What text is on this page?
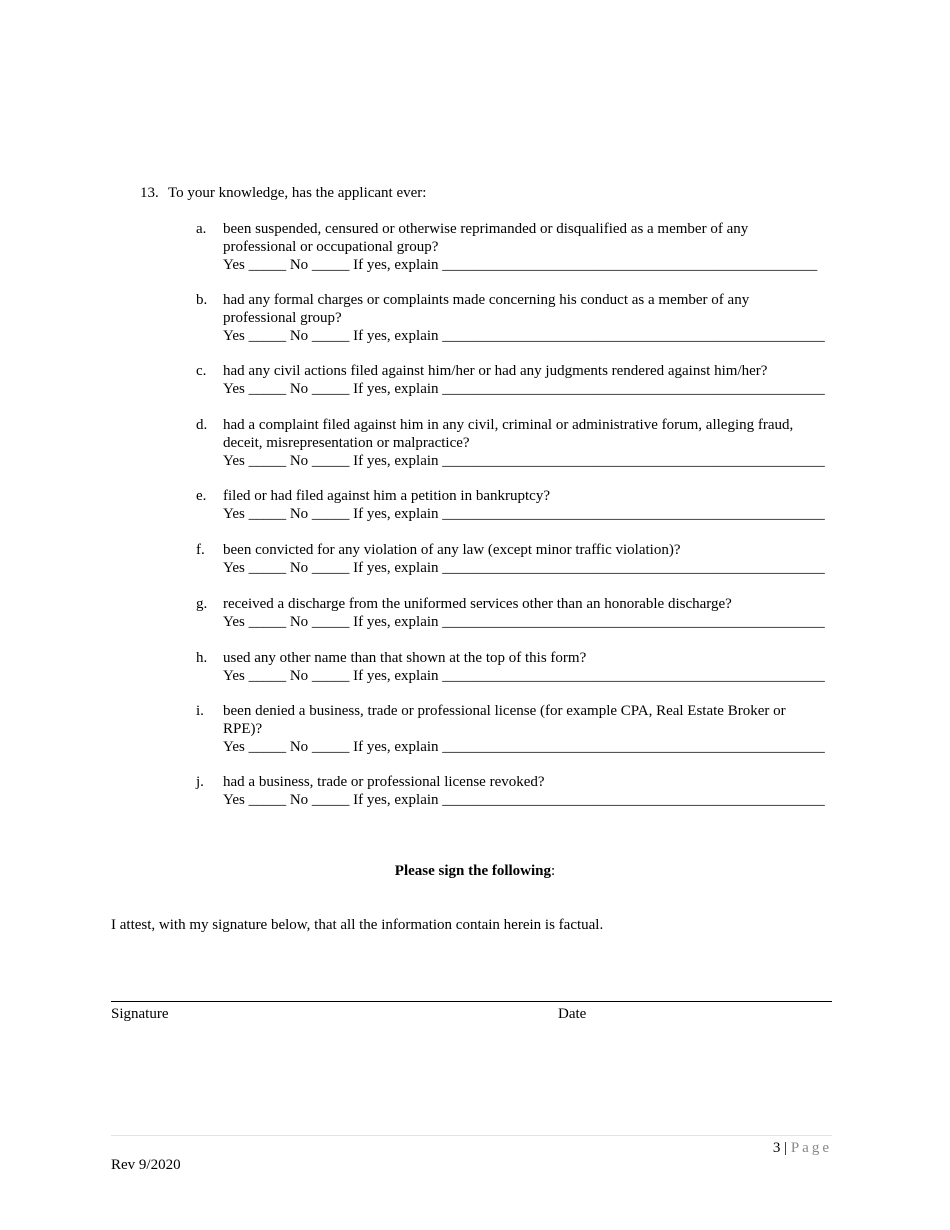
13. To your knowledge, has the applicant ever:
a. been suspended, censured or otherwise reprimanded or disqualified as a member of any
professional or occupational group?
Yes _____ No _____ If yes, explain __________________________________________________
b. had any formal charges or complaints made concerning his conduct as a member of any
professional group?
Yes _____ No _____ If yes, explain ___________________________________________________
c. had any civil actions filed against him/her or had any judgments rendered against him/her?
Yes _____ No _____ If yes, explain ___________________________________________________
d. had a complaint filed against him in any civil, criminal or administrative forum, alleging fraud,
deceit, misrepresentation or malpractice?
Yes _____ No _____ If yes, explain ___________________________________________________
e. filed or had filed against him a petition in bankruptcy?
Yes _____ No _____ If yes, explain ___________________________________________________
f. been convicted for any violation of any law (except minor traffic violation)?
Yes _____ No _____ If yes, explain ___________________________________________________
g. received a discharge from the uniformed services other than an honorable discharge?
Yes _____ No _____ If yes, explain ___________________________________________________
h. used any other name than that shown at the top of this form?
Yes _____ No _____ If yes, explain ___________________________________________________
i. been denied a business, trade or professional license (for example CPA, Real Estate Broker or
RPE)?
Yes _____ No _____ If yes, explain ___________________________________________________
j. had a business, trade or professional license revoked?
Yes _____ No _____ If yes, explain ___________________________________________________
Please sign the following:
I attest, with my signature below, that all the information contain herein is factual.
Signature	Date
3 | Page
Rev 9/2020
